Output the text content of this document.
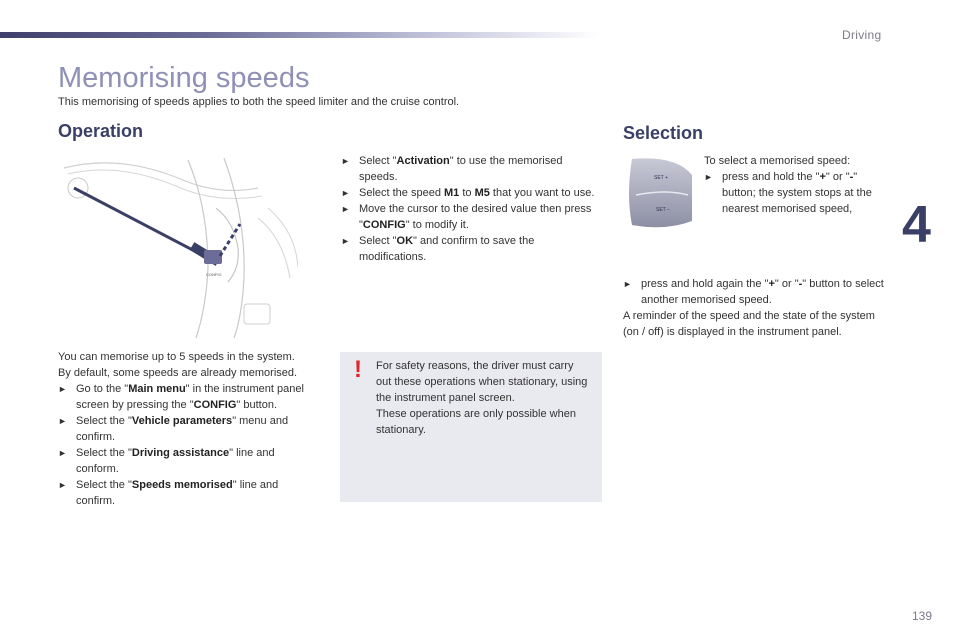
Driving
Memorising speeds
This memorising of speeds applies to both the speed limiter and the cruise control.
Operation	Selection
4
CONFIG
► Select "Activation" to use the memorised speeds.
► Select the speed M1 to M5 that you want to use.
► Move the cursor to the desired value then press "CONFIG" to modify it.
► Select "OK" and confirm to save the modifications.

You can memorise up to 5 speeds in the system.

By default, some speeds are already memorised.

► Go to the "Main menu" in the instrument panel screen by pressing the "CONFIG" button.
► Select the "Vehicle parameters" menu and confirm.
► Select the "Driving assistance" line and conform.
► Select the "Speeds memorised" line and confirm.
! For safety reasons, the driver must carry out these operations when stationary, using the instrument panel screen.
These operations are only possible when stationary.
SET +
SET −

To select a memorised speed:

► press and hold the "+" or "-" button; the system stops at the nearest memorised speed,
► press and hold again the "+" or "-" button to select another memorised speed.

A reminder of the speed and the state of the system (on / off) is displayed in the instrument panel.

139
